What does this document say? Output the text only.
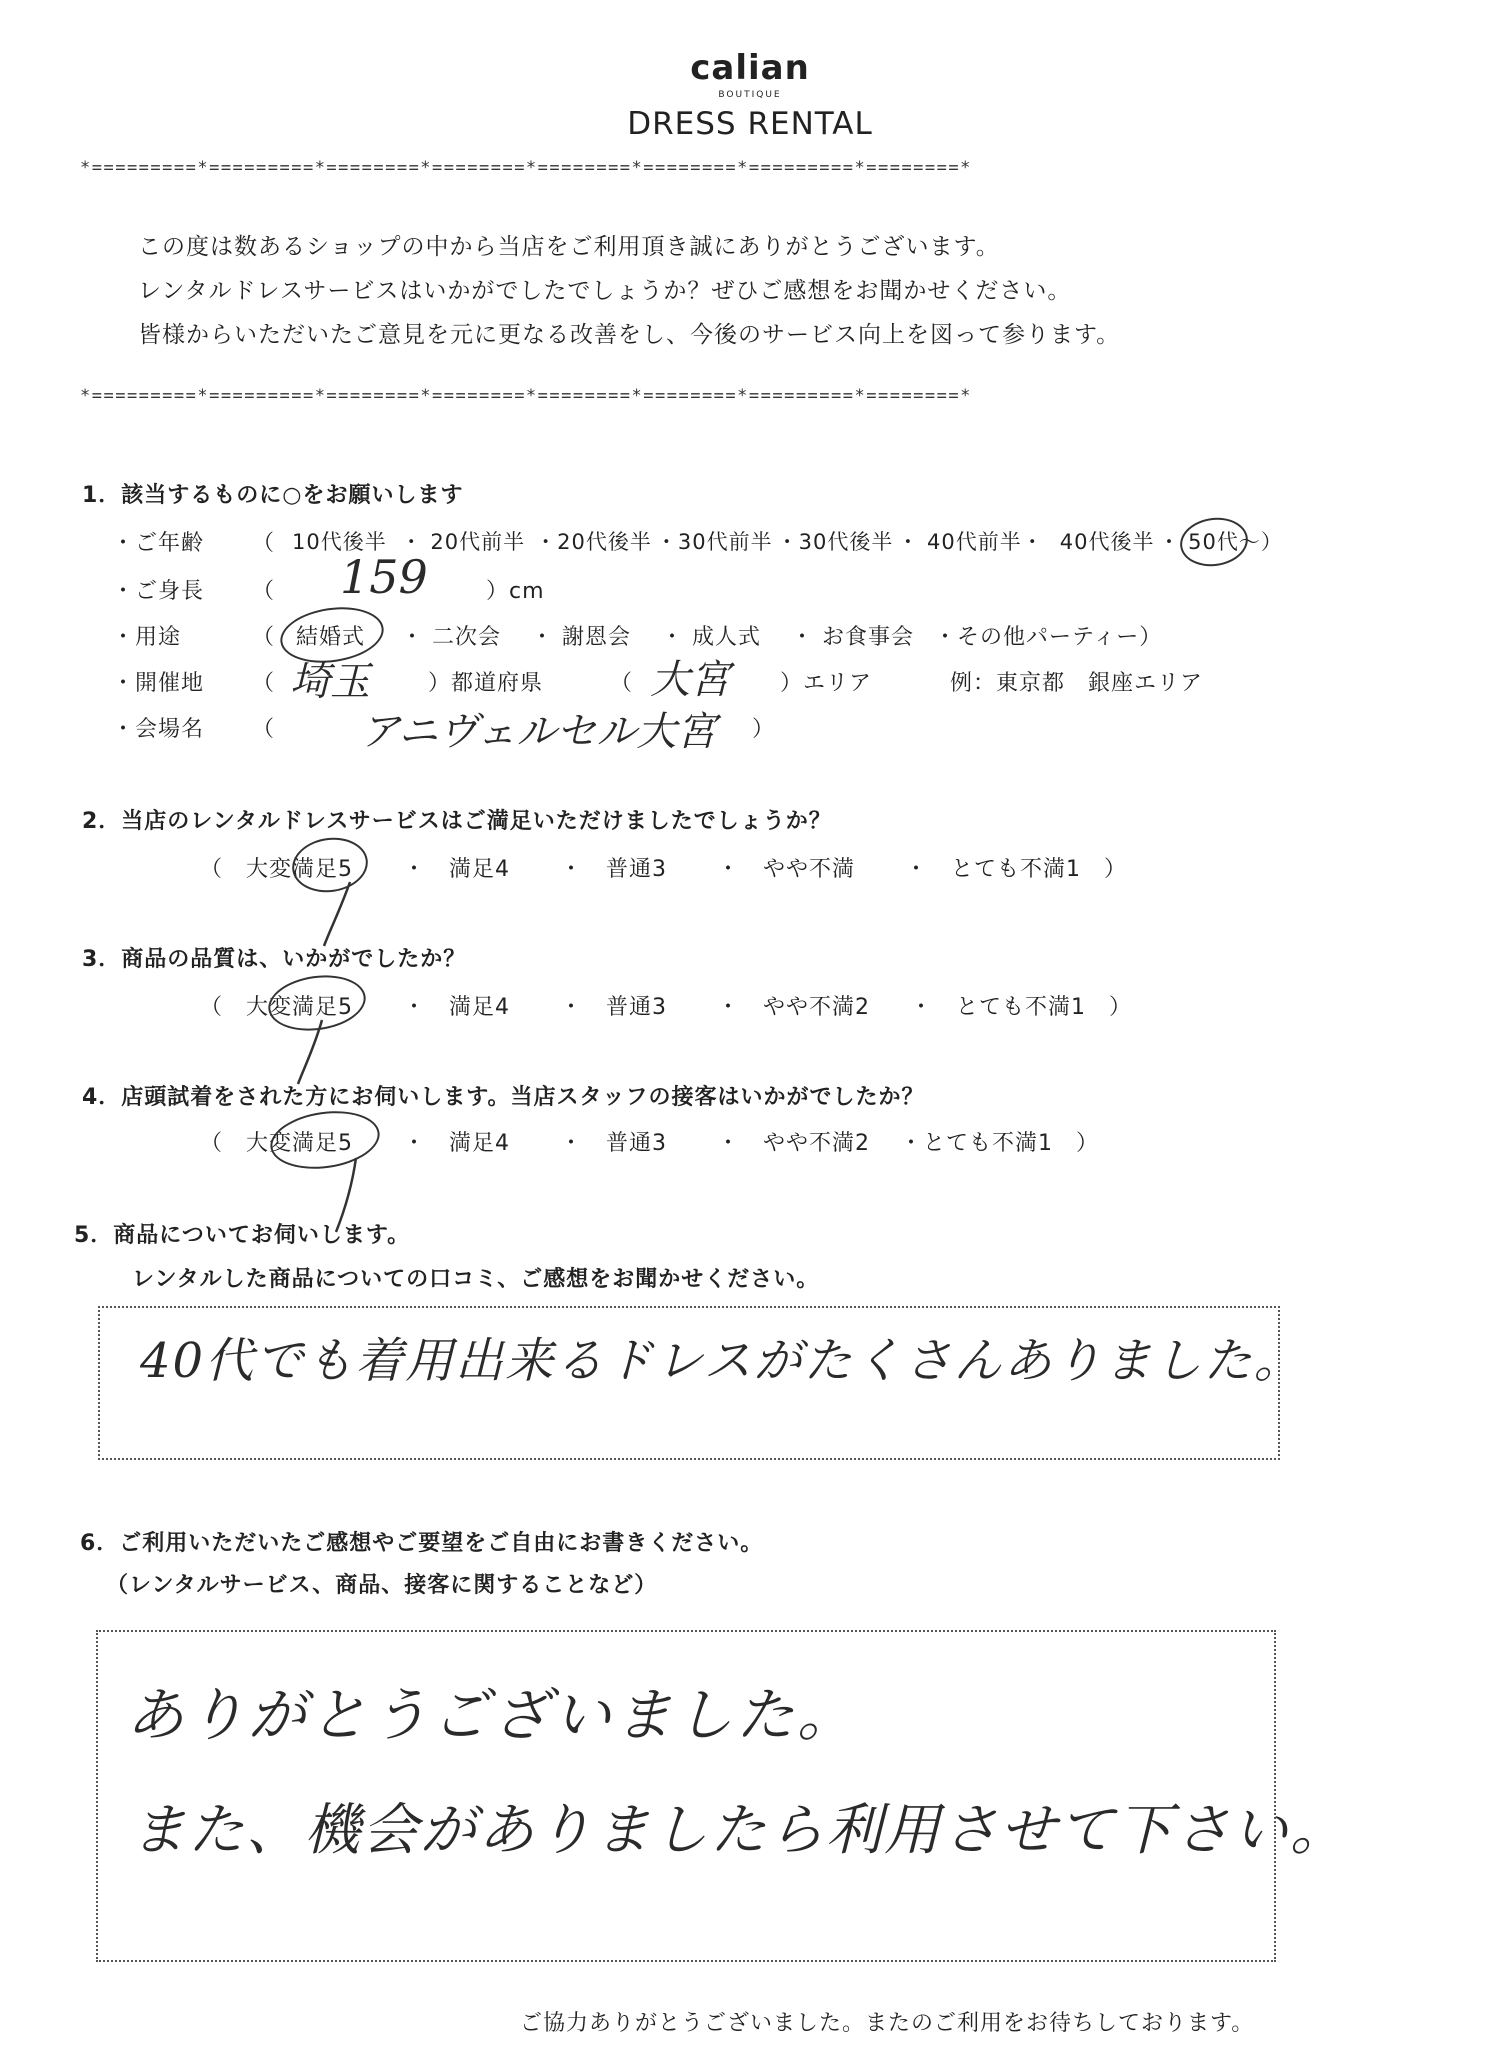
calian
BOUTIQUE
DRESS RENTAL
*=========*=========*========*========*========*========*=========*========*
この度は数あるショップの中から当店をご利用頂き誠にありがとうございます。
レンタルドレスサービスはいかがでしたでしょうか？ぜひご感想をお聞かせください。
皆様からいただいたご意見を元に更なる改善をし、今後のサービス向上を図って参ります。
*=========*=========*========*========*========*========*=========*========*
1．該当するものに○をお願いします
・ご年齢 （ 10代後半 ・ 20代前半 ・20代後半 ・30代前半 ・30代後半 ・ 40代前半・ 40代後半 ・ 50代～）
・ご身長 （ 159	）cm
・用途	（ 結婚式 ・ 二次会 ・ 謝恩会 ・ 成人式 ・ お食事会 ・その他パーティー）
・開催地 （ 埼玉	）都道府県	（ 大宮 ）エリア	例：東京都　銀座エリア
・会場名 （ アニヴェルセル大宮 ）
2．当店のレンタルドレスサービスはご満足いただけましたでしょうか？
（　大変満足5 ・　満足4 ・　普通3 ・　やや不満 ・　とても不満1　）
3．商品の品質は、いかがでしたか？
（　大変満足5 ・　満足4 ・　普通3 ・　やや不満2 ・　とても不満1　）
4．店頭試着をされた方にお伺いします。当店スタッフの接客はいかがでしたか？
（　大変満足5 ・　満足4 ・　普通3 ・　やや不満2 ・とても不満1　）
5．商品についてお伺いします。
レンタルした商品についての口コミ、ご感想をお聞かせください。
40代でも着用出来るドレスがたくさんありました。
6．ご利用いただいたご感想やご要望をご自由にお書きください。
（レンタルサービス、商品、接客に関することなど）
ありがとうございました。
また、機会がありましたら利用させて下さい。
ご協力ありがとうございました。またのご利用をお待ちしております。
